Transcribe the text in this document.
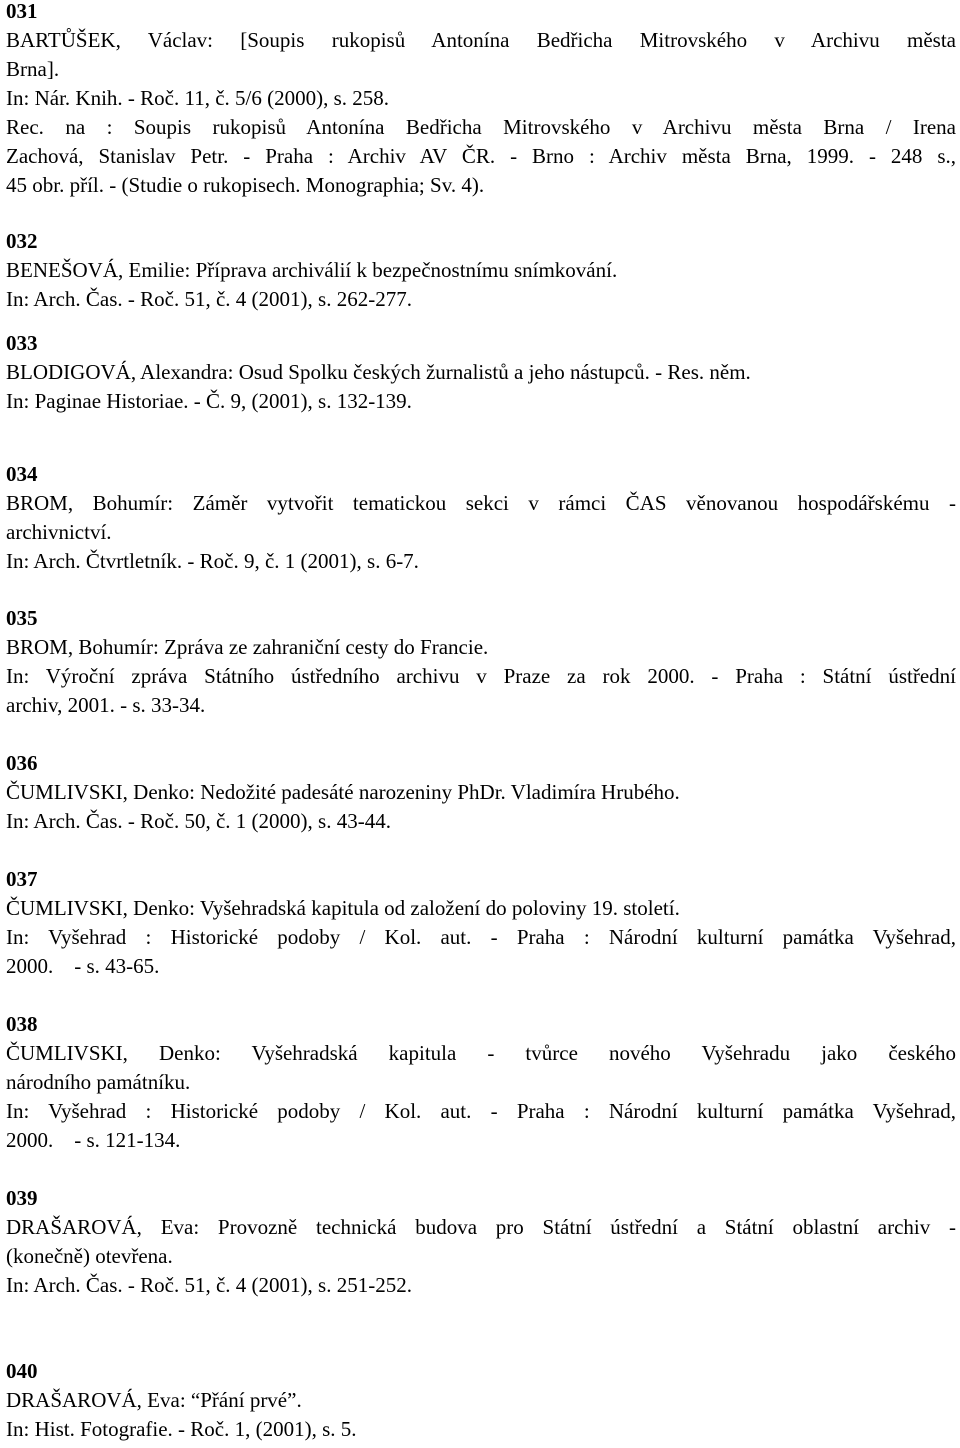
031
BARTŮŠEK, Václav: [Soupis rukopisů Antonína Bedřicha Mitrovského v Archivu města
Brna].
In: Nár. Knih. - Roč. 11, č. 5/6 (2000), s. 258.
Rec. na : Soupis rukopisů Antonína Bedřicha Mitrovského v Archivu města Brna / Irena
Zachová, Stanislav Petr. - Praha : Archiv AV ČR. - Brno : Archiv města Brna, 1999. - 248 s.,
45 obr. příl. - (Studie o rukopisech. Monographia; Sv. 4).
032
BENEŠOVÁ, Emilie: Příprava archiválií k bezpečnostnímu snímkování.
In: Arch. Čas. - Roč. 51, č. 4 (2001), s. 262-277.
033
BLODIGOVÁ, Alexandra: Osud Spolku českých žurnalistů a jeho nástupců. - Res. něm.
In: Paginae Historiae. - Č. 9, (2001), s. 132-139.
034
BROM, Bohumír: Záměr vytvořit tematickou sekci v rámci ČAS věnovanou hospodářskému -
archivnictví.
In: Arch. Čtvrtletník. - Roč. 9, č. 1 (2001), s. 6-7.
035
BROM, Bohumír: Zpráva ze zahraniční cesty do Francie.
In: Výroční zpráva Státního ústředního archivu v Praze za rok 2000. - Praha : Státní ústřední
archiv, 2001. - s. 33-34.
036
ČUMLIVSKI, Denko: Nedožité padesáté narozeniny PhDr. Vladimíra Hrubého.
In: Arch. Čas. - Roč. 50, č. 1 (2000), s. 43-44.
037
ČUMLIVSKI, Denko: Vyšehradská kapitula od založení do poloviny 19. století.
In: Vyšehrad : Historické podoby / Kol. aut. - Praha : Národní kulturní památka Vyšehrad,
2000.    - s. 43-65.
038
ČUMLIVSKI, Denko: Vyšehradská kapitula - tvůrce nového Vyšehradu jako českého
národního památníku.
In: Vyšehrad : Historické podoby / Kol. aut. - Praha : Národní kulturní památka Vyšehrad,
2000.    - s. 121-134.
039
DRAŠAROVÁ, Eva: Provozně technická budova pro Státní ústřední a Státní oblastní archiv -
(konečně) otevřena.
In: Arch. Čas. - Roč. 51, č. 4 (2001), s. 251-252.
040
DRAŠAROVÁ, Eva: “Přání prvé”.
In: Hist. Fotografie. - Roč. 1, (2001), s. 5.
